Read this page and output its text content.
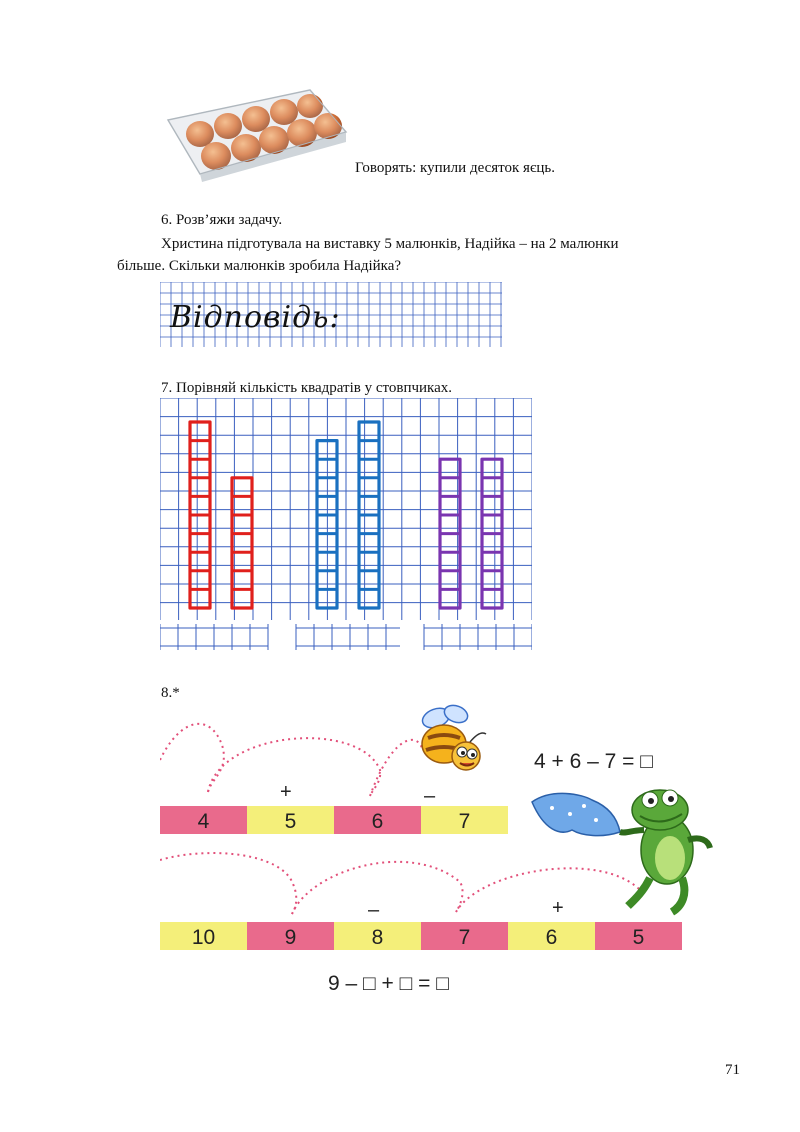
Говорять: купили десяток яєць.
6. Розв’яжи задачу.
Христина підготувала на виставку 5 малюнків, Надійка – на 2 малюнки
більше. Скільки малюнків зробила Надійка?
Відповідь:
7. Порівняй кількість квадратів у стовпчиках.
8.*
4	5	6	7
10	9	8	7	6	5
+	–
–	+
4 + 6 – 7 = □
9 – □ + □ = □
71
